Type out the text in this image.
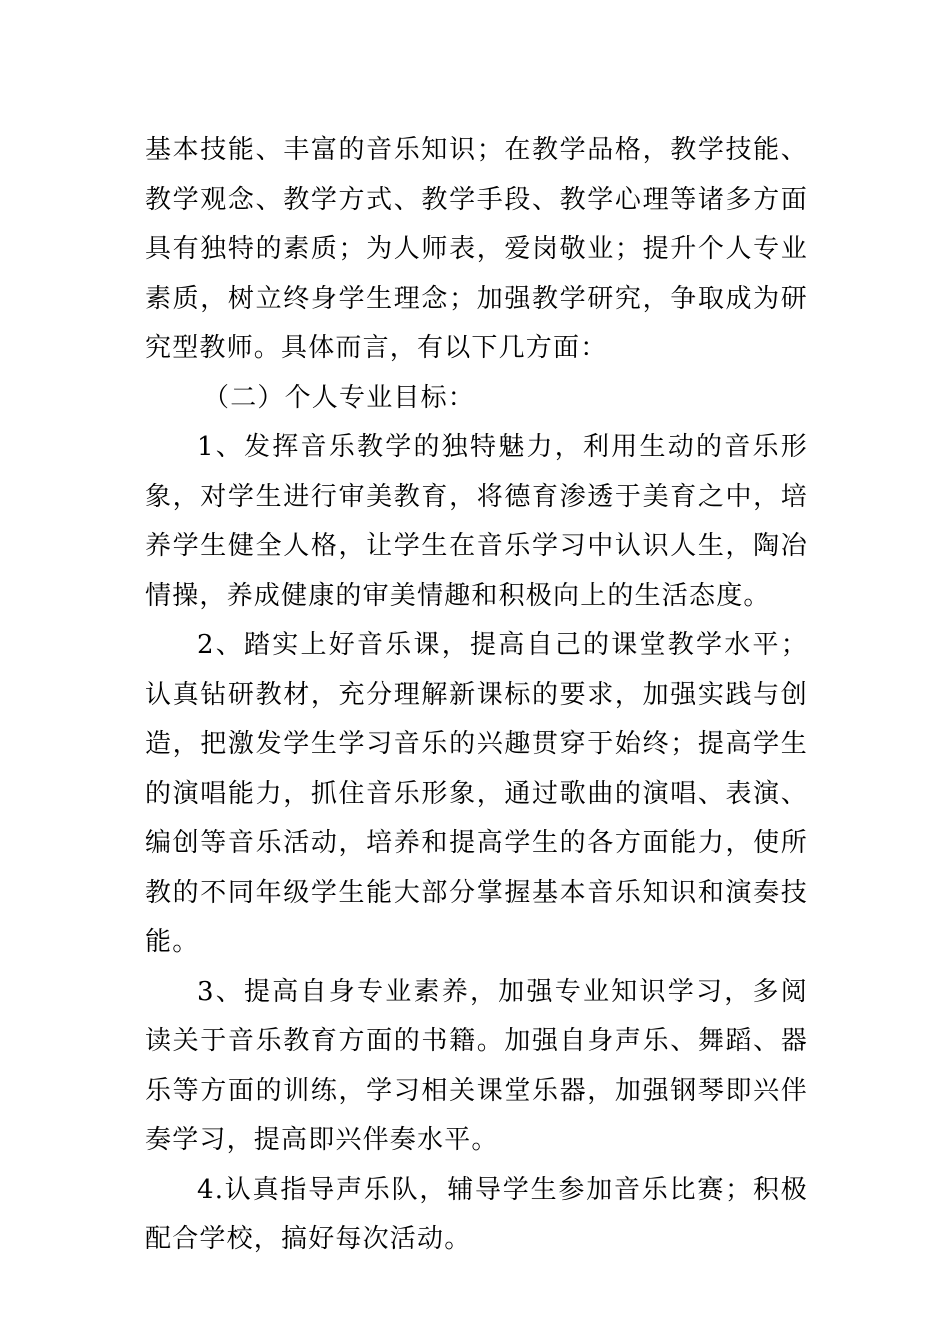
基本技能、丰富的音乐知识；在教学品格，教学技能、教学观念、教学方式、教学手段、教学心理等诸多方面具有独特的素质；为人师表，爱岗敬业；提升个人专业素质，树立终身学生理念；加强教学研究，争取成为研究型教师。具体而言，有以下几方面：

（二）个人专业目标：

1、发挥音乐教学的独特魅力，利用生动的音乐形象，对学生进行审美教育，将德育渗透于美育之中，培养学生健全人格，让学生在音乐学习中认识人生，陶冶情操，养成健康的审美情趣和积极向上的生活态度。

2、踏实上好音乐课，提高自己的课堂教学水平；认真钻研教材，充分理解新课标的要求，加强实践与创造，把激发学生学习音乐的兴趣贯穿于始终；提高学生的演唱能力，抓住音乐形象，通过歌曲的演唱、表演、编创等音乐活动，培养和提高学生的各方面能力，使所教的不同年级学生能大部分掌握基本音乐知识和演奏技能。

3、提高自身专业素养，加强专业知识学习，多阅读关于音乐教育方面的书籍。加强自身声乐、舞蹈、器乐等方面的训练，学习相关课堂乐器，加强钢琴即兴伴奏学习，提高即兴伴奏水平。

4.认真指导声乐队，辅导学生参加音乐比赛；积极配合学校，搞好每次活动。
